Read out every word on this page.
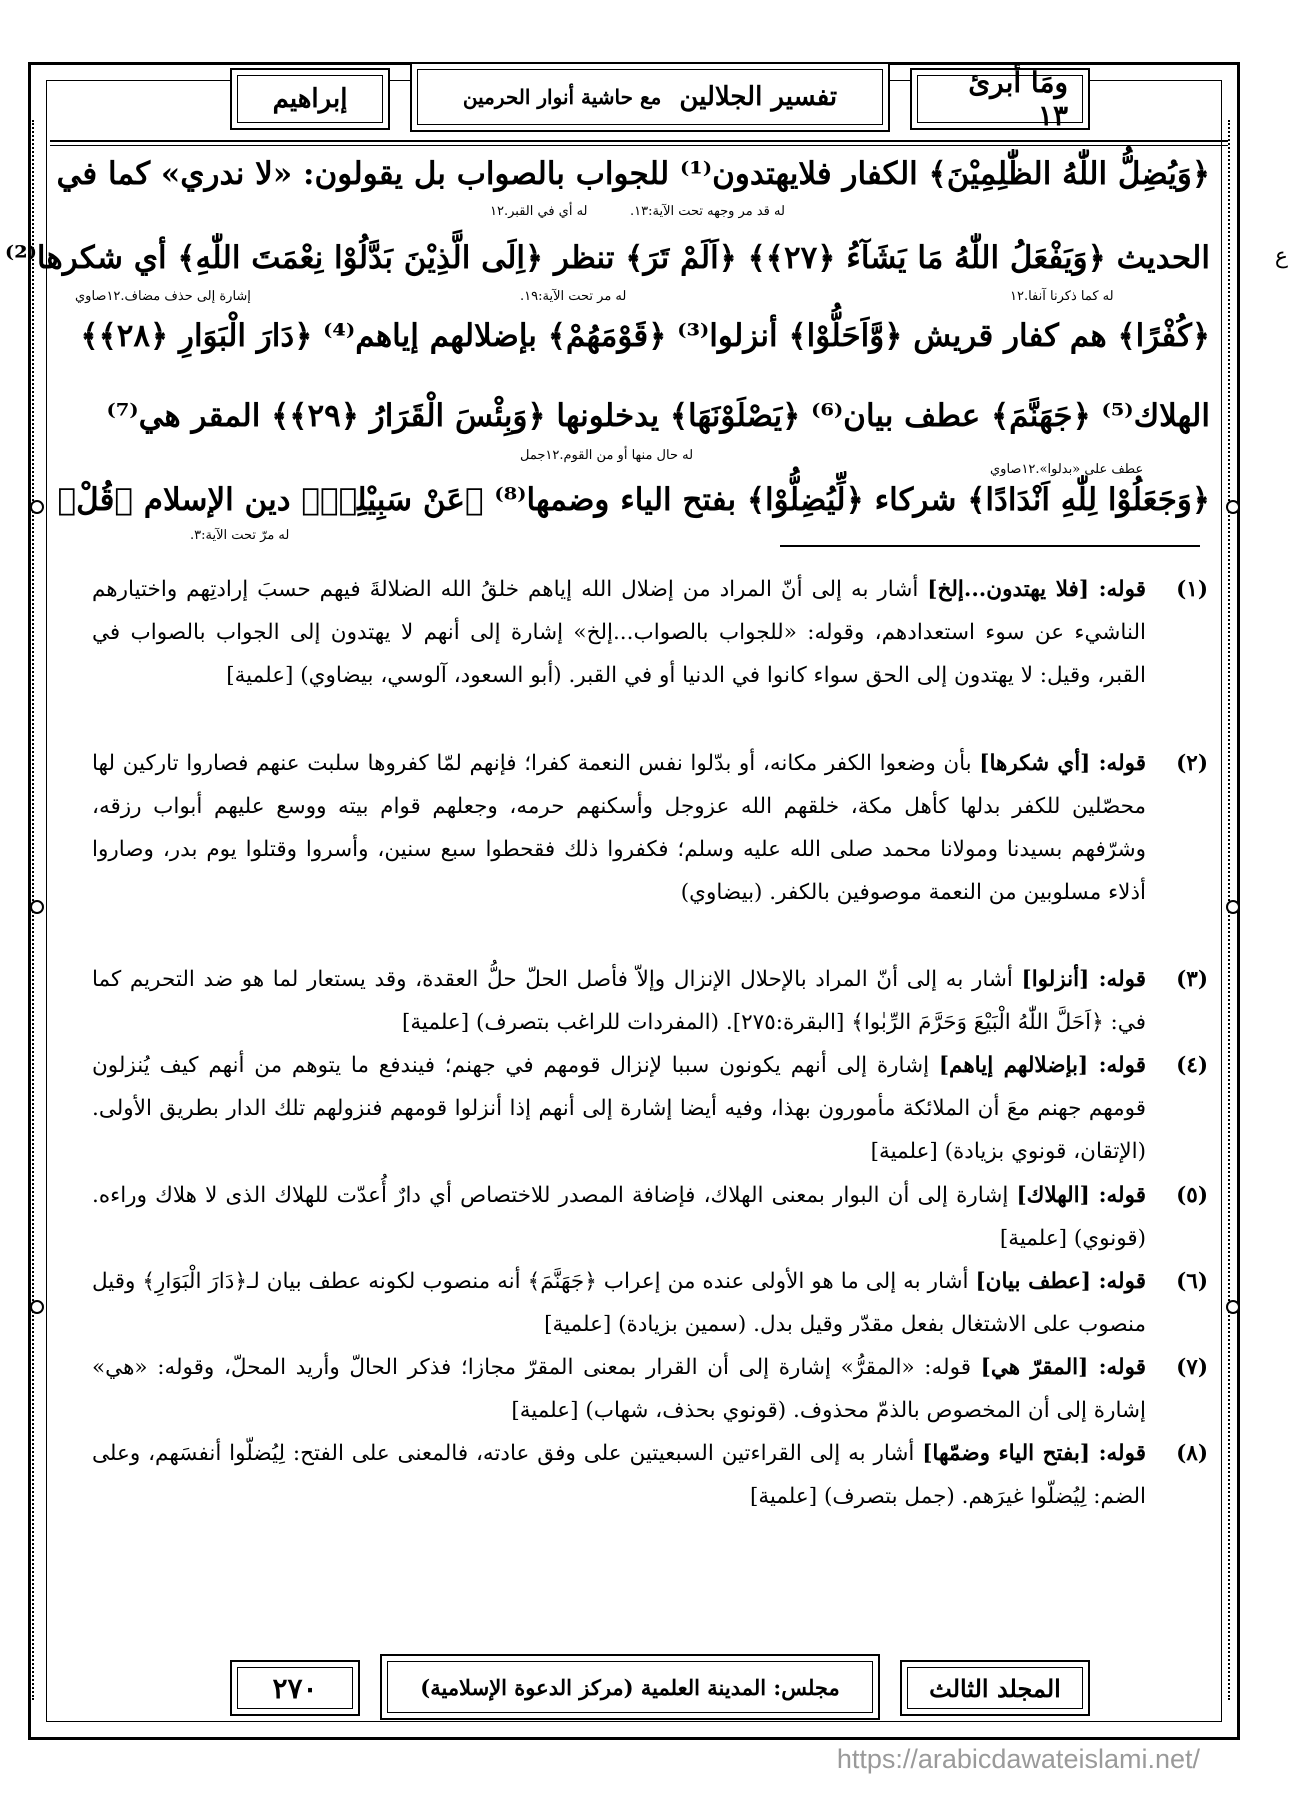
ومَا أبرئ ١٣
تفسير الجلالين
مع حاشية أنوار الحرمين
إبراهيم
ع
﴿وَيُضِلُّ اللّٰهُ الظّٰلِمِيْنَ﴾ الكفار فلايهتدون⁽¹⁾ للجواب بالصواب بل يقولون: «لا ندري» كما في
له قد مر وجهه تحت الآية:١٣.
له أي في القبر.١٢
الحديث ﴿وَيَفْعَلُ اللّٰهُ مَا يَشَآءُ ﴿٢٧﴾﴾ ﴿اَلَمْ تَرَ﴾ تنظر ﴿اِلَى الَّذِيْنَ بَدَّلُوْا نِعْمَتَ اللّٰهِ﴾ أي شكرها⁽²⁾
له كما ذكرنا آنفا.١٢
له مر تحت الآية:١٩.
إشارة إلى حذف مضاف.١٢صاوي
﴿كُفْرًا﴾ هم كفار قريش ﴿وَّاَحَلُّوْا﴾ أنزلوا⁽³⁾ ﴿قَوْمَهُمْ﴾ بإضلالهم إياهم⁽⁴⁾ ﴿دَارَ الْبَوَارِ ﴿٢٨﴾﴾
الهلاك⁽⁵⁾ ﴿جَهَنَّمَ﴾ عطف بيان⁽⁶⁾ ﴿يَصْلَوْنَهَا﴾ يدخلونها ﴿وَبِئْسَ الْقَرَارُ ﴿٢٩﴾﴾ المقر هي⁽⁷⁾
له حال منها أو من القوم.١٢جمل
عطف على «بدلوا».١٢صاوي
﴿وَجَعَلُوْا لِلّٰهِ اَنْدَادًا﴾ شركاء ﴿لِّيُضِلُّوْا﴾ بفتح الياء وضمها⁽⁸⁾ ﴿عَنْ سَبِيْلِهٖ﴾ دين الإسلام ﴿قُلْ﴾
له مرّ تحت الآية:٣.
(١)
قوله: [فلا يهتدون...إلخ] أشار به إلى أنّ المراد من إضلال الله إياهم خلقُ الله الضلالةَ فيهم حسبَ إرادتِهم واختيارهم الناشيء عن سوء استعدادهم، وقوله: «للجواب بالصواب...إلخ» إشارة إلى أنهم لا يهتدون إلى الجواب بالصواب في القبر، وقيل: لا يهتدون إلى الحق سواء كانوا في الدنيا أو في القبر. (أبو السعود، آلوسي، بيضاوي) [علمية]
(٢)
قوله: [أي شكرها] بأن وضعوا الكفر مكانه، أو بدّلوا نفس النعمة كفرا؛ فإنهم لمّا كفروها سلبت عنهم فصاروا تاركين لها محصّلين للكفر بدلها كأهل مكة، خلقهم الله عزوجل وأسكنهم حرمه، وجعلهم قوام بيته ووسع عليهم أبواب رزقه، وشرّفهم بسيدنا ومولانا محمد صلى الله عليه وسلم؛ فكفروا ذلك فقحطوا سبع سنين، وأسروا وقتلوا يوم بدر، وصاروا أذلاء مسلوبين من النعمة موصوفين بالكفر. (بيضاوي)
(٣)
قوله: [أنزلوا] أشار به إلى أنّ المراد بالإحلال الإنزال وإلاّ فأصل الحلّ حلُّ العقدة، وقد يستعار لما هو ضد التحريم كما في: ﴿اَحَلَّ اللّٰهُ الْبَيْعَ وَحَرَّمَ الرِّبٰوا﴾ [البقرة:٢٧٥]. (المفردات للراغب بتصرف) [علمية]
(٤)
قوله: [بإضلالهم إياهم] إشارة إلى أنهم يكونون سببا لإنزال قومهم في جهنم؛ فيندفع ما يتوهم من أنهم كيف يُنزلون قومهم جهنم معَ أن الملائكة مأمورون بهذا، وفيه أيضا إشارة إلى أنهم إذا أنزلوا قومهم فنزولهم تلك الدار بطريق الأولى. (الإتقان، قونوي بزيادة) [علمية]
(٥)
قوله: [الهلاك] إشارة إلى أن البوار بمعنى الهلاك، فإضافة المصدر للاختصاص أي دارٌ أُعدّت للهلاك الذى لا هلاك وراءه. (قونوي) [علمية]
(٦)
قوله: [عطف بيان] أشار به إلى ما هو الأولى عنده من إعراب ﴿جَهَنَّمَ﴾ أنه منصوب لكونه عطف بيان لـ﴿دَارَ الْبَوَارِ﴾ وقيل منصوب على الاشتغال بفعل مقدّر وقيل بدل. (سمين بزيادة) [علمية]
(٧)
قوله: [المقرّ هي] قوله: «المقرُّ» إشارة إلى أن القرار بمعنى المقرّ مجازا؛ فذكر الحالّ وأريد المحلّ، وقوله: «هي» إشارة إلى أن المخصوص بالذمّ محذوف. (قونوي بحذف، شهاب) [علمية]
(٨)
قوله: [بفتح الياء وضمّها] أشار به إلى القراءتين السبعيتين على وفق عادته، فالمعنى على الفتح: لِيُضلّوا أنفسَهم، وعلى الضم: لِيُضلّوا غيرَهم. (جمل بتصرف) [علمية]
المجلد الثالث
مجلس: المدينة العلمية (مركز الدعوة الإسلامية)
٢٧٠
https://arabicdawateislami.net/
